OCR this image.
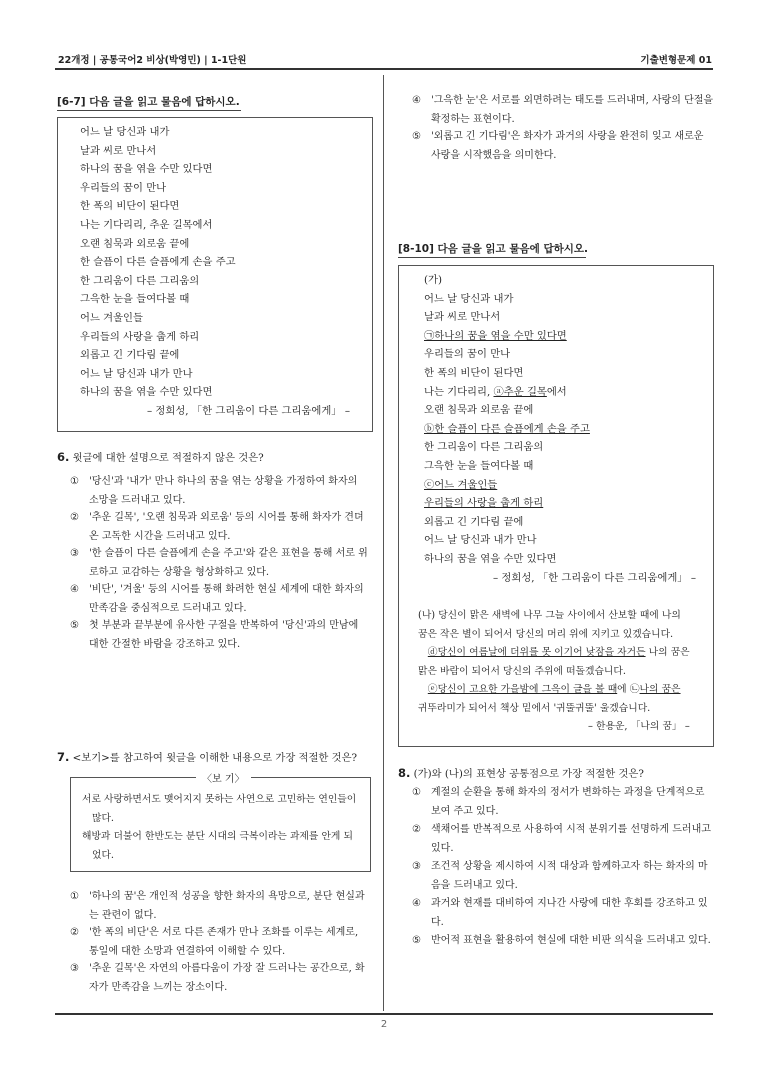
22개정 | 공통국어2 비상(박영민) | 1-1단원	기출변형문제 01
[6-7] 다음 글을 읽고 물음에 답하시오.
어느 날 당신과 내가
날과 씨로 만나서
하나의 꿈을 엮을 수만 있다면
우리들의 꿈이 만나
한 폭의 비단이 된다면
나는 기다리리, 추운 길목에서
오랜 침묵과 외로움 끝에
한 슬픔이 다른 슬픔에게 손을 주고
한 그리움이 다른 그리움의
그윽한 눈을 들여다볼 때
어느 겨울인들
우리들의 사랑을 춥게 하리
외롭고 긴 기다림 끝에
어느 날 당신과 내가 만나
하나의 꿈을 엮을 수만 있다면
– 정희성, 「한 그리움이 다른 그리움에게」 –
6. 윗글에 대한 설명으로 적절하지 않은 것은?
①	'당신'과 '내가' 만나 하나의 꿈을 엮는 상황을 가정하여 화자의 소망을 드러내고 있다.
②	'추운 길목', '오랜 침묵과 외로움' 등의 시어를 통해 화자가 견뎌 온 고독한 시간을 드러내고 있다.
③	'한 슬픔이 다른 슬픔에게 손을 주고'와 같은 표현을 통해 서로 위로하고 교감하는 상황을 형상화하고 있다.
④	'비단', '겨울' 등의 시어를 통해 화려한 현실 세계에 대한 화자의 만족감을 중심적으로 드러내고 있다.
⑤	첫 부분과 끝부분에 유사한 구절을 반복하여 '당신'과의 만남에 대한 간절한 바람을 강조하고 있다.
7. <보기>를 참고하여 윗글을 이해한 내용으로 가장 적절한 것은?
〈보 기〉
서로 사랑하면서도 맺어지지 못하는 사연으로 고민하는 연인들이 많다.
해방과 더불어 한반도는 분단 시대의 극복이라는 과제를 안게 되었다.
①	'하나의 꿈'은 개인적 성공을 향한 화자의 욕망으로, 분단 현실과는 관련이 없다.
②	'한 폭의 비단'은 서로 다른 존재가 만나 조화를 이루는 세계로, 통일에 대한 소망과 연결하여 이해할 수 있다.
③	'추운 길목'은 자연의 아름다움이 가장 잘 드러나는 공간으로, 화자가 만족감을 느끼는 장소이다.
④	'그윽한 눈'은 서로를 외면하려는 태도를 드러내며, 사랑의 단절을 확정하는 표현이다.
⑤	'외롭고 긴 기다림'은 화자가 과거의 사랑을 완전히 잊고 새로운 사랑을 시작했음을 의미한다.
[8-10] 다음 글을 읽고 물음에 답하시오.
(가)
어느 날 당신과 내가
날과 씨로 만나서
㉠하나의 꿈을 엮을 수만 있다면
우리들의 꿈이 만나
한 폭의 비단이 된다면
나는 기다리리, ⓐ추운 길목에서
오랜 침묵과 외로움 끝에
ⓑ한 슬픔이 다른 슬픔에게 손을 주고
한 그리움이 다른 그리움의
그윽한 눈을 들여다볼 때
ⓒ어느 겨울인들
우리들의 사랑을 춥게 하리
외롭고 긴 기다림 끝에
어느 날 당신과 내가 만나
하나의 꿈을 엮을 수만 있다면
– 정희성, 「한 그리움이 다른 그리움에게」 –
(나) 당신이 맑은 새벽에 나무 그늘 사이에서 산보할 때에 나의
꿈은 작은 별이 되어서 당신의 머리 위에 지키고 있겠습니다.
　ⓓ당신이 여름날에 더위를 못 이기어 낮잠을 자거든 나의 꿈은
맑은 바람이 되어서 당신의 주위에 떠돌겠습니다.
　ⓔ당신이 고요한 가을밤에 그윽이 글을 볼 때에 ㉡나의 꿈은
귀뚜라미가 되어서 책상 밑에서 '귀뚤귀뚤' 울겠습니다.
– 한용운, 「나의 꿈」 –
8. (가)와 (나)의 표현상 공통점으로 가장 적절한 것은?
①	계절의 순환을 통해 화자의 정서가 변화하는 과정을 단계적으로 보여 주고 있다.
②	색채어를 반복적으로 사용하여 시적 분위기를 선명하게 드러내고 있다.
③	조건적 상황을 제시하여 시적 대상과 함께하고자 하는 화자의 마음을 드러내고 있다.
④	과거와 현재를 대비하여 지나간 사랑에 대한 후회를 강조하고 있다.
⑤	반어적 표현을 활용하여 현실에 대한 비판 의식을 드러내고 있다.
2
